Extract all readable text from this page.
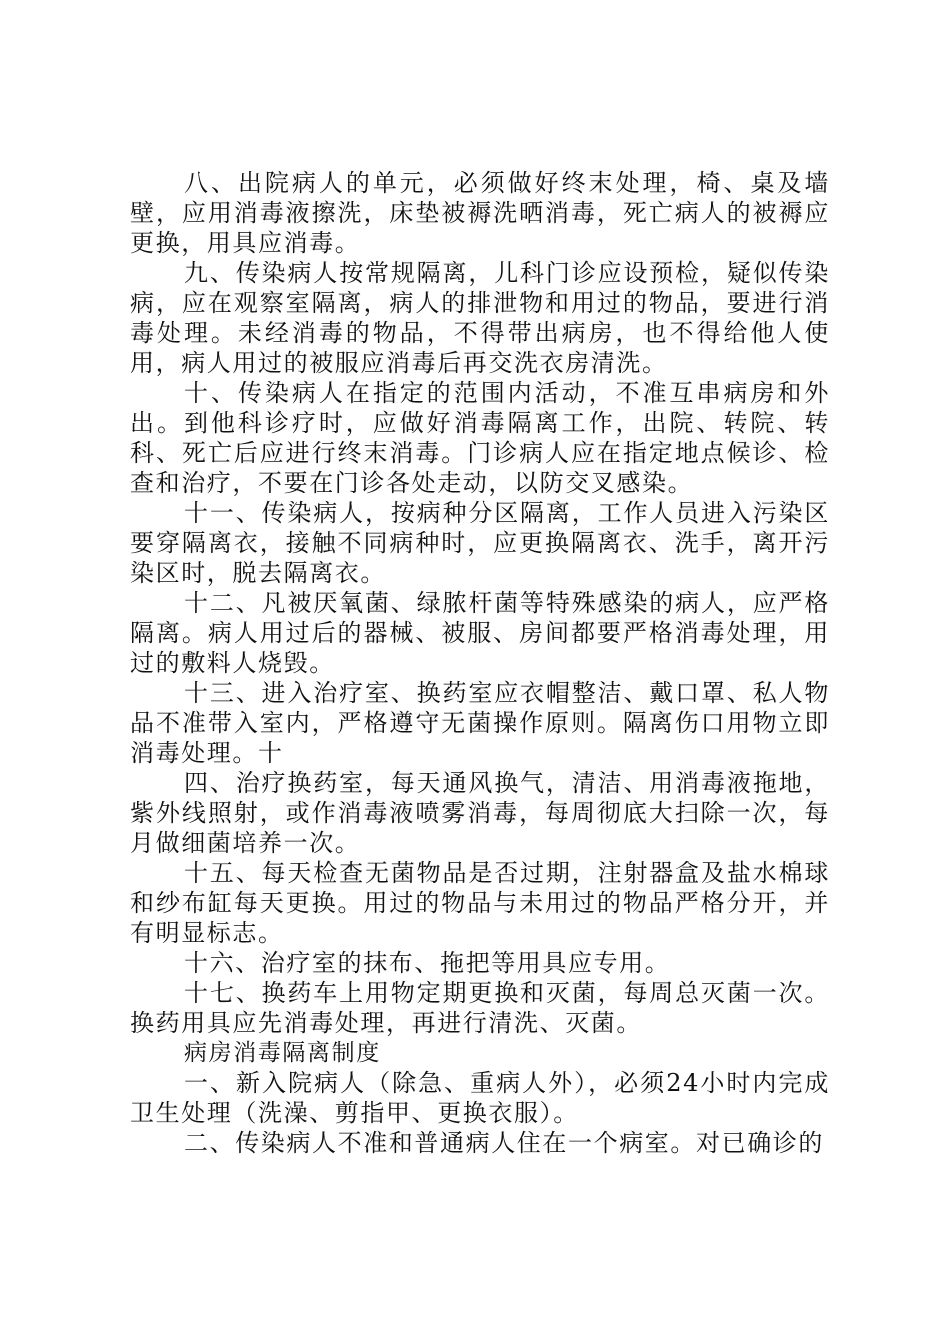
八、出院病人的单元，必须做好终末处理，椅、桌及墙壁，应用消毒液擦洗，床垫被褥洗晒消毒，死亡病人的被褥应更换，用具应消毒。

九、传染病人按常规隔离，儿科门诊应设预检，疑似传染病，应在观察室隔离，病人的排泄物和用过的物品，要进行消毒处理。未经消毒的物品，不得带出病房，也不得给他人使用，病人用过的被服应消毒后再交洗衣房清洗。

十、传染病人在指定的范围内活动，不准互串病房和外出。到他科诊疗时，应做好消毒隔离工作，出院、转院、转科、死亡后应进行终末消毒。门诊病人应在指定地点候诊、检查和治疗，不要在门诊各处走动，以防交叉感染。

十一、传染病人，按病种分区隔离，工作人员进入污染区要穿隔离衣，接触不同病种时，应更换隔离衣、洗手，离开污染区时，脱去隔离衣。

十二、凡被厌氧菌、绿脓杆菌等特殊感染的病人，应严格隔离。病人用过后的器械、被服、房间都要严格消毒处理，用过的敷料人烧毁。

十三、进入治疗室、换药室应衣帽整洁、戴口罩、私人物品不准带入室内，严格遵守无菌操作原则。隔离伤口用物立即消毒处理。十

四、治疗换药室，每天通风换气，清洁、用消毒液拖地，紫外线照射，或作消毒液喷雾消毒，每周彻底大扫除一次，每月做细菌培养一次。

十五、每天检查无菌物品是否过期，注射器盒及盐水棉球和纱布缸每天更换。用过的物品与未用过的物品严格分开，并有明显标志。

十六、治疗室的抹布、拖把等用具应专用。

十七、换药车上用物定期更换和灭菌，每周总灭菌一次。换药用具应先消毒处理，再进行清洗、灭菌。

病房消毒隔离制度

一、新入院病人（除急、重病人外），必须24小时内完成卫生处理（洗澡、剪指甲、更换衣服）。

二、传染病人不准和普通病人住在一个病室。对已确诊的
